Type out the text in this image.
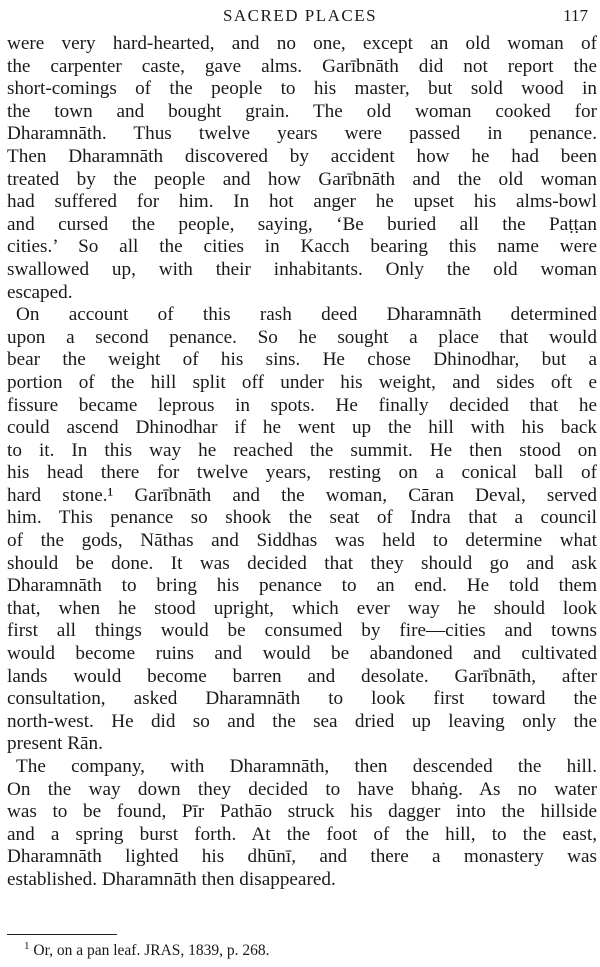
SACRED PLACES	117
were very hard-hearted, and no one, except an old woman of
the carpenter caste, gave alms. Garībnāth did not report the
short-comings of the people to his master, but sold wood in
the town and bought grain. The old woman cooked for
Dharamnāth. Thus twelve years were passed in penance.
Then Dharamnāth discovered by accident how he had been
treated by the people and how Garībnāth and the old woman
had suffered for him. In hot anger he upset his alms-bowl
and cursed the people, saying, ‘Be buried all the Paṭṭan
cities.’ So all the cities in Kacch bearing this name were
swallowed up, with their inhabitants. Only the old woman
escaped.
On account of this rash deed Dharamnāth determined
upon a second penance. So he sought a place that would
bear the weight of his sins. He chose Dhinodhar, but a
portion of the hill split off under his weight, and sides oft e
fissure became leprous in spots. He finally decided that he
could ascend Dhinodhar if he went up the hill with his back
to it. In this way he reached the summit. He then stood on
his head there for twelve years, resting on a conical ball of
hard stone.¹ Garībnāth and the woman, Cāran Deval, served
him. This penance so shook the seat of Indra that a council
of the gods, Nāthas and Siddhas was held to determine what
should be done. It was decided that they should go and ask
Dharamnāth to bring his penance to an end. He told them
that, when he stood upright, which ever way he should look
first all things would be consumed by fire—cities and towns
would become ruins and would be abandoned and cultivated
lands would become barren and desolate. Garībnāth, after
consultation, asked Dharamnāth to look first toward the
north-west. He did so and the sea dried up leaving only the
present Rān.
The company, with Dharamnāth, then descended the hill.
On the way down they decided to have bhaṅg. As no water
was to be found, Pīr Pathāo struck his dagger into the hillside
and a spring burst forth. At the foot of the hill, to the east,
Dharamnāth lighted his dhūnī, and there a monastery was
established. Dharamnāth then disappeared.
$^1$ Or, on a pan leaf. JRAS, 1839, p. 268.
